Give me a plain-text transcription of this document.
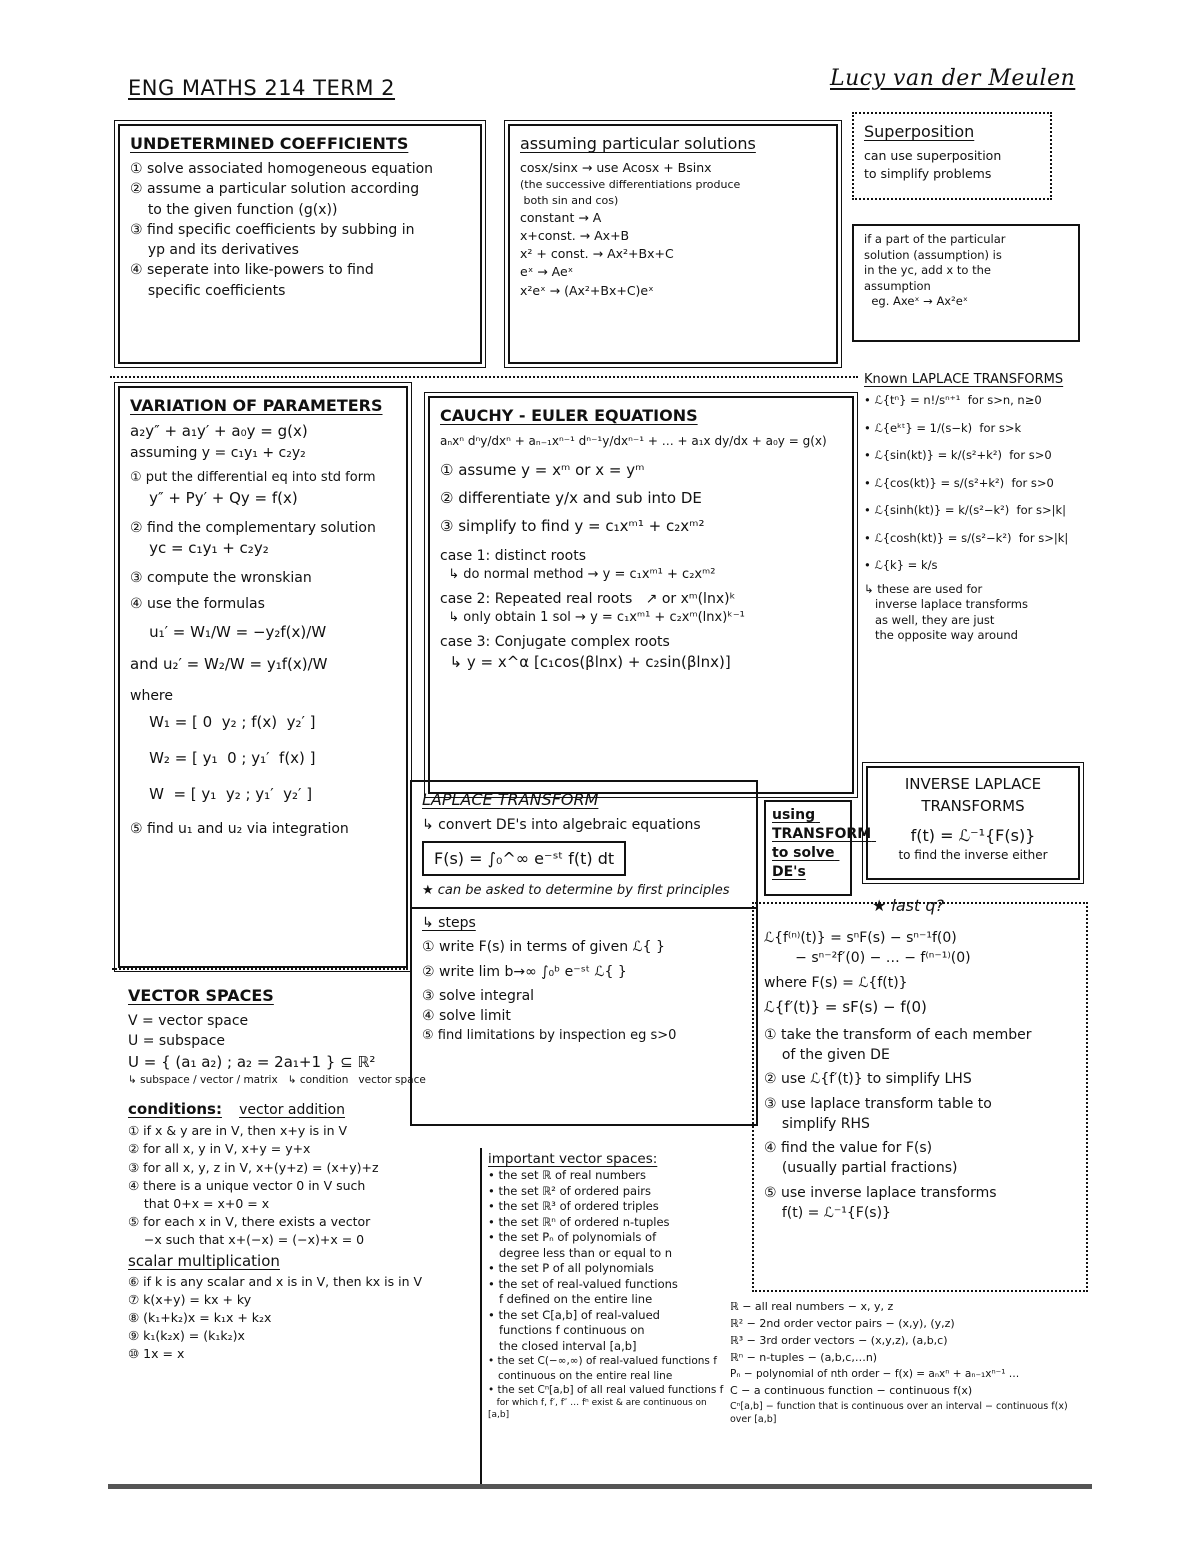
ENG MATHS 214 TERM 2	Lucy van der Meulen
UNDETERMINED COEFFICIENTS
① solve associated homogeneous equation
② assume a particular solution according
to the given function (g(x))
③ find specific coefficients by subbing in
yp and its derivatives
④ seperate into like-powers to find
specific coefficients
assuming particular solutions
cosx/sinx → use Acosx + Bsinx
(the successive differentiations produce
both sin and cos)
constant → A
x+const. → Ax+B
x² + const. → Ax²+Bx+C
eˣ → Aeˣ
x²eˣ → (Ax²+Bx+C)eˣ
Superposition
can use superposition
to simplify problems
if a part of the particular
solution (assumption) is
in the yc, add x to the
assumption
eg. Axeˣ → Ax²eˣ
Known LAPLACE TRANSFORMS
• ℒ{tⁿ} = n!/sⁿ⁺¹  for s>n, n≥0
• ℒ{eᵏᵗ} = 1/(s−k)  for s>k
• ℒ{sin(kt)} = k/(s²+k²)  for s>0
• ℒ{cos(kt)} = s/(s²+k²)  for s>0
• ℒ{sinh(kt)} = k/(s²−k²)  for s>|k|
• ℒ{cosh(kt)} = s/(s²−k²)  for s>|k|
• ℒ{k} = k/s
↳ these are used for
inverse laplace transforms
as well, they are just
the opposite way around
VARIATION OF PARAMETERS
a₂y″ + a₁y′ + a₀y = g(x)
assuming y = c₁y₁ + c₂y₂
① put the differential eq into std form
y″ + Py′ + Qy = f(x)
② find the complementary solution
yc = c₁y₁ + c₂y₂
③ compute the wronskian
④ use the formulas
u₁′ = W₁/W = −y₂f(x)/W
and u₂′ = W₂/W = y₁f(x)/W
where
W₁ = [ 0  y₂ ; f(x)  y₂′ ]
W₂ = [ y₁  0 ; y₁′  f(x) ]
W  = [ y₁  y₂ ; y₁′  y₂′ ]
⑤ find u₁ and u₂ via integration
CAUCHY - EULER EQUATIONS
aₙxⁿ dⁿy/dxⁿ + aₙ₋₁xⁿ⁻¹ dⁿ⁻¹y/dxⁿ⁻¹ + … + a₁x dy/dx + a₀y = g(x)
① assume y = xᵐ or x = yᵐ
② differentiate y/x and sub into DE
③ simplify to find y = c₁xᵐ¹ + c₂xᵐ²
case 1: distinct roots
↳ do normal method → y = c₁xᵐ¹ + c₂xᵐ²
case 2: Repeated real roots   ↗ or xᵐ(lnx)ᵏ
↳ only obtain 1 sol → y = c₁xᵐ¹ + c₂xᵐ(lnx)ᵏ⁻¹
case 3: Conjugate complex roots
↳ y = x^α [c₁cos(βlnx) + c₂sin(βlnx)]
INVERSE LAPLACE TRANSFORMS
f(t) = ℒ⁻¹{F(s)}
to find the inverse either
LAPLACE TRANSFORM
↳ convert DE's into algebraic equations
F(s) = ∫₀^∞ e⁻ˢᵗ f(t) dt
★ can be asked to determine by first principles
↳ steps
① write F(s) in terms of given ℒ{ }
② write lim b→∞ ∫₀ᵇ e⁻ˢᵗ ℒ{ }
③ solve integral
④ solve limit
⑤ find limitations by inspection eg s>0
using TRANSFORM to solve DE's
★ last q?
ℒ{f⁽ⁿ⁾(t)} = sⁿF(s) − sⁿ⁻¹f(0)
− sⁿ⁻²f′(0) − … − f⁽ⁿ⁻¹⁾(0)
where F(s) = ℒ{f(t)}
ℒ{f′(t)} = sF(s) − f(0)
① take the transform of each member
of the given DE
② use ℒ{f′(t)} to simplify LHS
③ use laplace transform table to
simplify RHS
④ find the value for F(s)
(usually partial fractions)
⑤ use inverse laplace transforms
f(t) = ℒ⁻¹{F(s)}
VECTOR SPACES
V = vector space
U = subspace
U = { (a₁ a₂) ; a₂ = 2a₁+1 } ⊆ ℝ²
↳ subspace / vector / matrix   ↳ condition   vector space
conditions: vector addition
① if x & y are in V, then x+y is in V
② for all x, y in V, x+y = y+x
③ for all x, y, z in V, x+(y+z) = (x+y)+z
④ there is a unique vector 0 in V such
that 0+x = x+0 = x
⑤ for each x in V, there exists a vector
−x such that x+(−x) = (−x)+x = 0
scalar multiplication
⑥ if k is any scalar and x is in V, then kx is in V
⑦ k(x+y) = kx + ky
⑧ (k₁+k₂)x = k₁x + k₂x
⑨ k₁(k₂x) = (k₁k₂)x
⑩ 1x = x
important vector spaces:
• the set ℝ of real numbers
• the set ℝ² of ordered pairs
• the set ℝ³ of ordered triples
• the set ℝⁿ of ordered n-tuples
• the set Pₙ of polynomials of
degree less than or equal to n
• the set P of all polynomials
• the set of real-valued functions
f defined on the entire line
• the set C[a,b] of real-valued
functions f continuous on
the closed interval [a,b]
• the set C(−∞,∞) of real-valued functions f
continuous on the entire real line
• the set Cⁿ[a,b] of all real valued functions f
for which f, f′, f″ … fⁿ exist & are continuous on [a,b]
ℝ − all real numbers − x, y, z
ℝ² − 2nd order vector pairs − (x,y), (y,z)
ℝ³ − 3rd order vectors − (x,y,z), (a,b,c)
ℝⁿ − n-tuples − (a,b,c,…n)
Pₙ − polynomial of nth order − f(x) = aₙxⁿ + aₙ₋₁xⁿ⁻¹ …
C − a continuous function − continuous f(x)
Cⁿ[a,b] − function that is continuous over an interval − continuous f(x) over [a,b]
